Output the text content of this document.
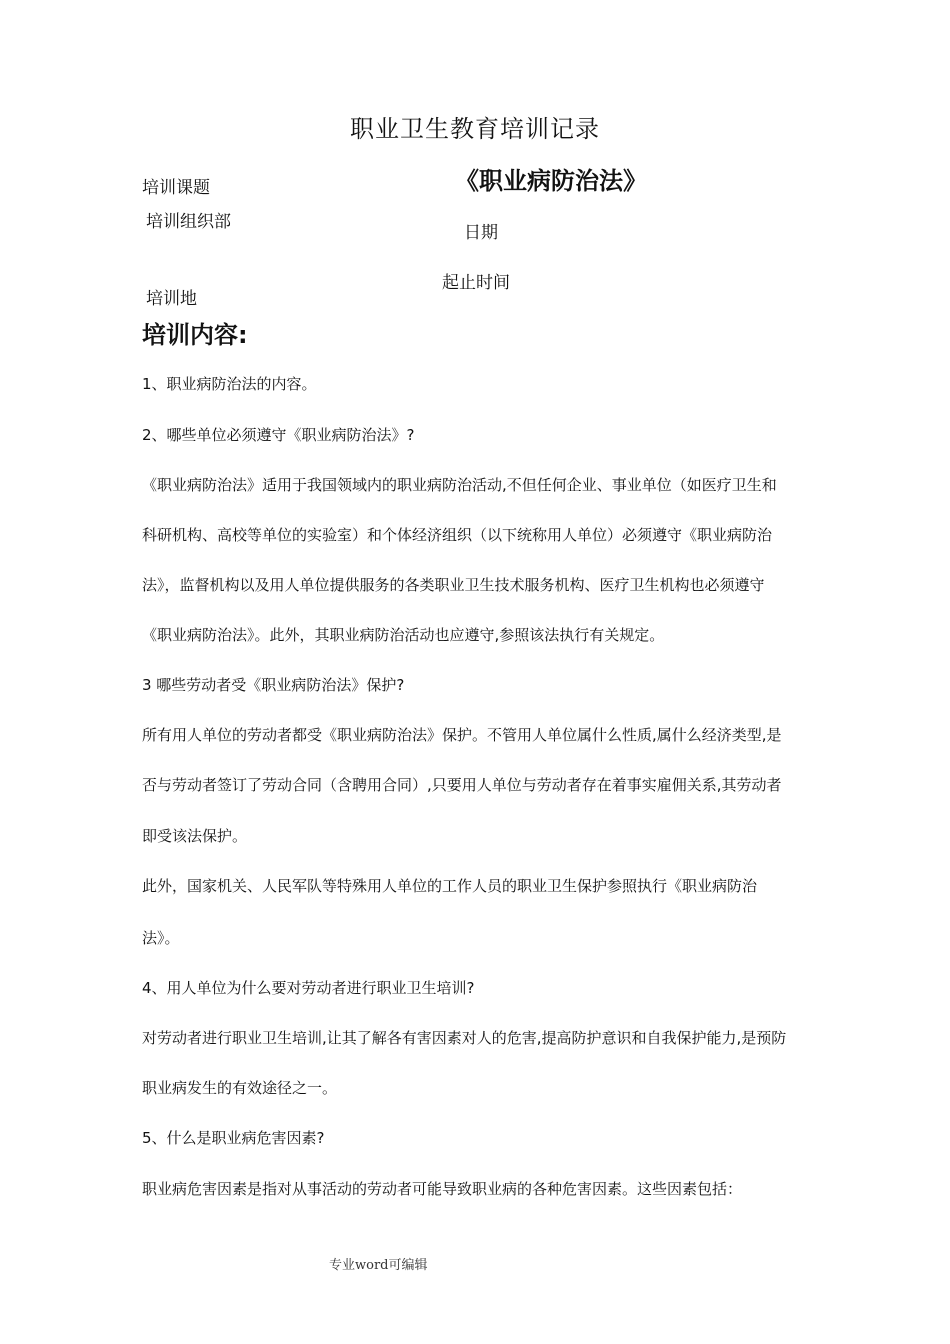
职业卫生教育培训记录
培训课题	《职业病防治法》
培训组织部
日期
起止时间
培训地
培训内容:
1、职业病防治法的内容。
2、哪些单位必须遵守《职业病防治法》?
《职业病防治法》适用于我国领域内的职业病防治活动,不但任何企业、事业单位（如医疗卫生和
科研机构、高校等单位的实验室）和个体经济组织（以下统称用人单位）必须遵守《职业病防治
法》，监督机构以及用人单位提供服务的各类职业卫生技术服务机构、医疗卫生机构也必须遵守
《职业病防治法》。此外，其职业病防治活动也应遵守,参照该法执行有关规定。
3 哪些劳动者受《职业病防治法》保护?
所有用人单位的劳动者都受《职业病防治法》保护。不管用人单位属什么性质,属什么经济类型,是
否与劳动者签订了劳动合同（含聘用合同）,只要用人单位与劳动者存在着事实雇佣关系,其劳动者
即受该法保护。
此外，国家机关、人民军队等特殊用人单位的工作人员的职业卫生保护参照执行《职业病防治
法》。
4、用人单位为什么要对劳动者进行职业卫生培训?
对劳动者进行职业卫生培训,让其了解各有害因素对人的危害,提高防护意识和自我保护能力,是预防
职业病发生的有效途径之一。
5、什么是职业病危害因素?
职业病危害因素是指对从事活动的劳动者可能导致职业病的各种危害因素。这些因素包括：
专业word可编辑
